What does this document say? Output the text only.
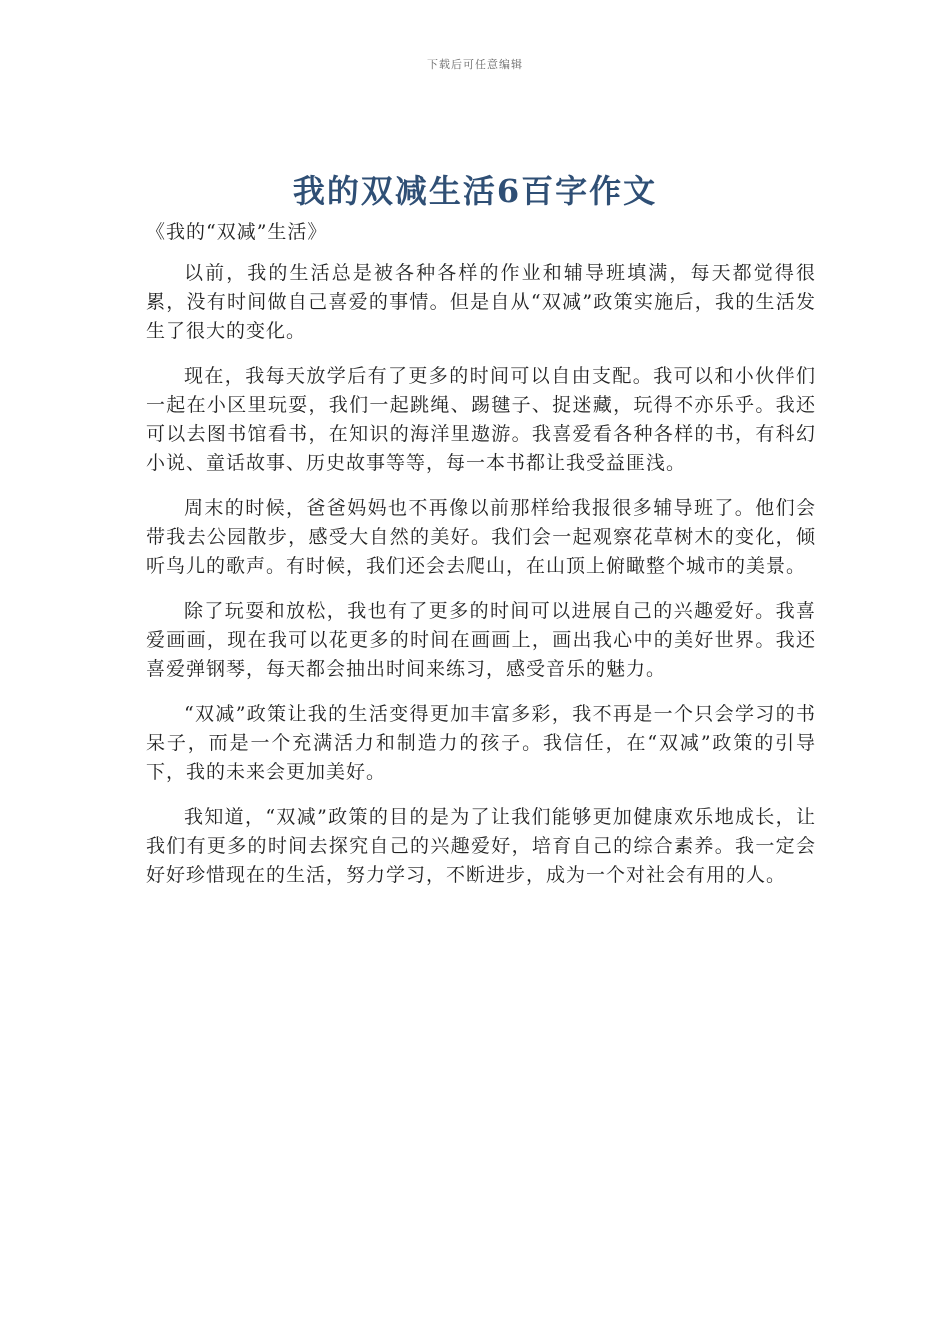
下载后可任意编辑
我的双减生活6百字作文
《我的“双减”生活》

以前，我的生活总是被各种各样的作业和辅导班填满，每天都觉得很累，没有时间做自己喜爱的事情。但是自从“双减”政策实施后，我的生活发生了很大的变化。

现在，我每天放学后有了更多的时间可以自由支配。我可以和小伙伴们一起在小区里玩耍，我们一起跳绳、踢毽子、捉迷藏，玩得不亦乐乎。我还可以去图书馆看书，在知识的海洋里遨游。我喜爱看各种各样的书，有科幻小说、童话故事、历史故事等等，每一本书都让我受益匪浅。

周末的时候，爸爸妈妈也不再像以前那样给我报很多辅导班了。他们会带我去公园散步，感受大自然的美好。我们会一起观察花草树木的变化，倾听鸟儿的歌声。有时候，我们还会去爬山，在山顶上俯瞰整个城市的美景。

除了玩耍和放松，我也有了更多的时间可以进展自己的兴趣爱好。我喜爱画画，现在我可以花更多的时间在画画上，画出我心中的美好世界。我还喜爱弹钢琴，每天都会抽出时间来练习，感受音乐的魅力。

“双减”政策让我的生活变得更加丰富多彩，我不再是一个只会学习的书呆子，而是一个充满活力和制造力的孩子。我信任，在“双减”政策的引导下，我的未来会更加美好。

我知道，“双减”政策的目的是为了让我们能够更加健康欢乐地成长，让我们有更多的时间去探究自己的兴趣爱好，培育自己的综合素养。我一定会好好珍惜现在的生活，努力学习，不断进步，成为一个对社会有用的人。
